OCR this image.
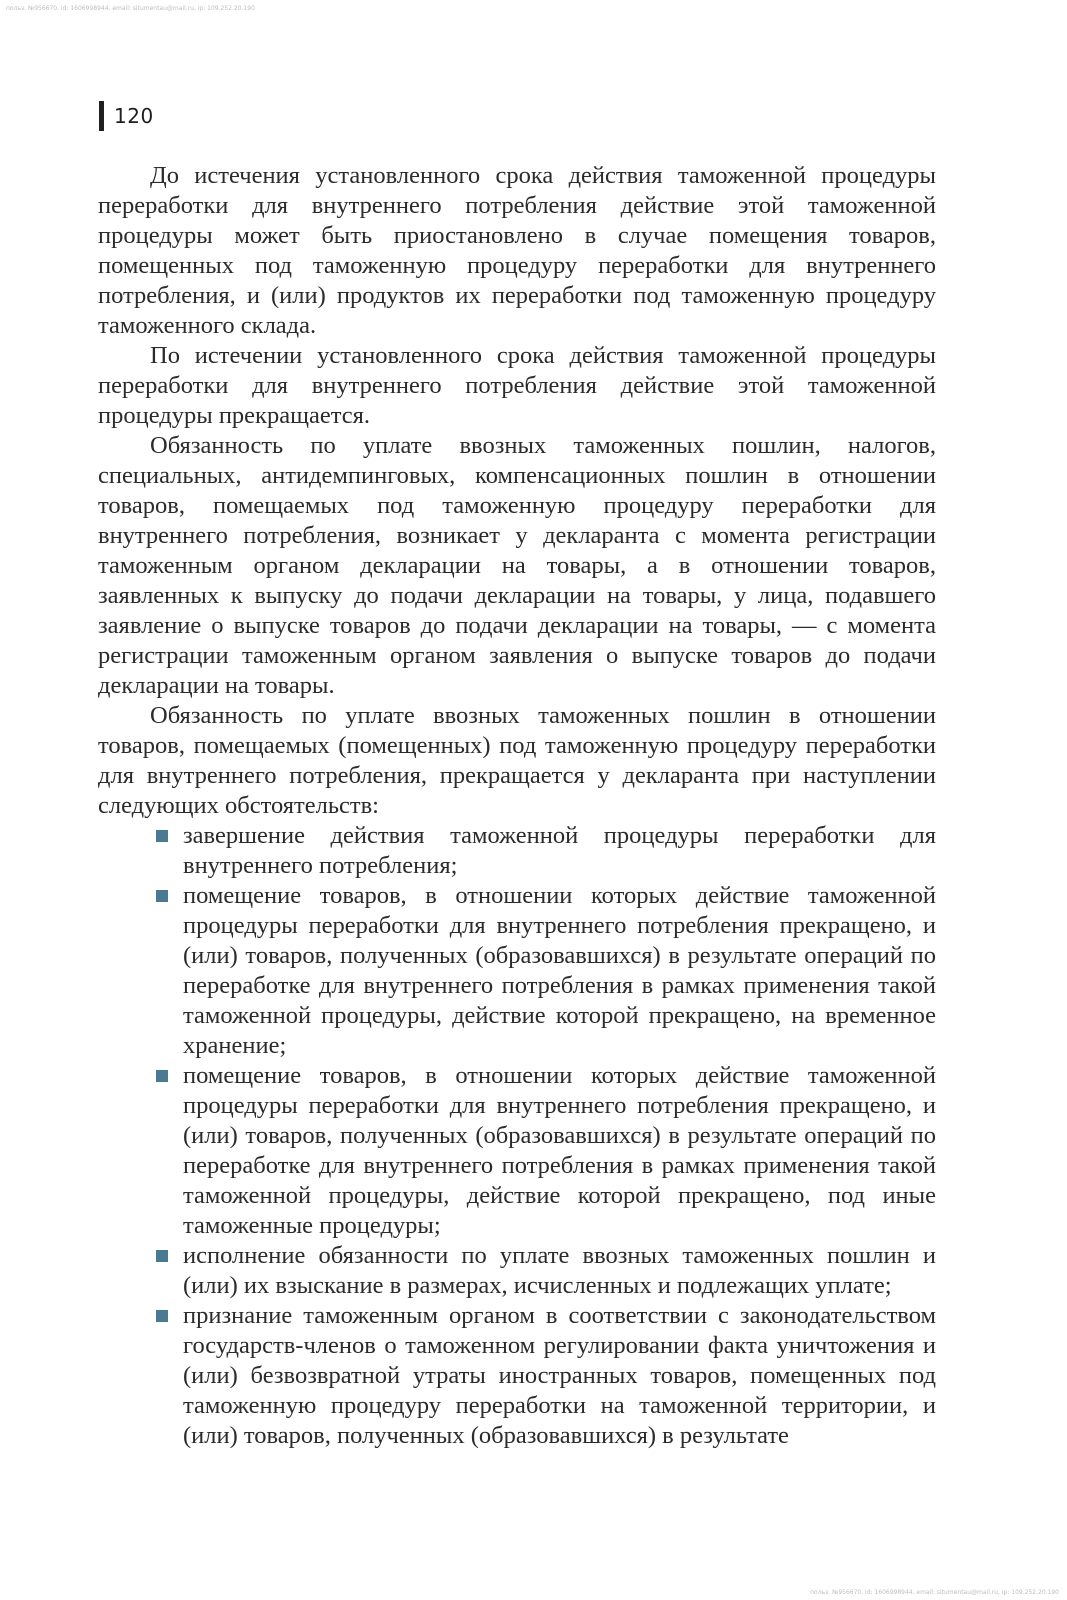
польз. №956670, id: 1606998944, email: situmentau@mail.ru, ip: 109.252.20.190
120

До истечения установленного срока действия таможенной процедуры переработки для внутреннего потребления действие этой таможенной процедуры может быть приостановлено в случае помещения товаров, помещенных под таможенную процедуру переработки для внутреннего потребления, и (или) продуктов их переработки под таможенную процедуру таможенного склада.

По истечении установленного срока действия таможенной процедуры переработки для внутреннего потребления действие этой таможенной процедуры прекращается.

Обязанность по уплате ввозных таможенных пошлин, налогов, специальных, антидемпинговых, компенсационных пошлин в отношении товаров, помещаемых под таможенную процедуру переработки для внутреннего потребления, возникает у декларанта с момента регистрации таможенным органом декларации на товары, а в отношении товаров, заявленных к выпуску до подачи декларации на товары, у лица, подавшего заявление о выпуске товаров до подачи декларации на товары, — с момента регистрации таможенным органом заявления о выпуске товаров до подачи декларации на товары.

Обязанность по уплате ввозных таможенных пошлин в отношении товаров, помещаемых (помещенных) под таможенную процедуру переработки для внутреннего потребления, прекращается у декларанта при наступлении следующих обстоятельств:

завершение действия таможенной процедуры переработки для внутреннего потребления;
помещение товаров, в отношении которых действие таможенной процедуры переработки для внутреннего потребления прекращено, и (или) товаров, полученных (образовавшихся) в результате операций по переработке для внутреннего потребления в рамках применения такой таможенной процедуры, действие которой прекращено, на временное хранение;
помещение товаров, в отношении которых действие таможенной процедуры переработки для внутреннего потребления прекращено, и (или) товаров, полученных (образовавшихся) в результате операций по переработке для внутреннего потребления в рамках применения такой таможенной процедуры, действие которой прекращено, под иные таможенные процедуры;
исполнение обязанности по уплате ввозных таможенных пошлин и (или) их взыскание в размерах, исчисленных и подлежащих уплате;
признание таможенным органом в соответствии с законодательством государств-членов о таможенном регулировании факта уничтожения и (или) безвозвратной утраты иностранных товаров, помещенных под таможенную процедуру переработки на таможенной территории, и (или) товаров, полученных (образовавшихся) в результате
польз. №956670, id: 1606998944, email: situmentau@mail.ru, ip: 109.252.20.190
